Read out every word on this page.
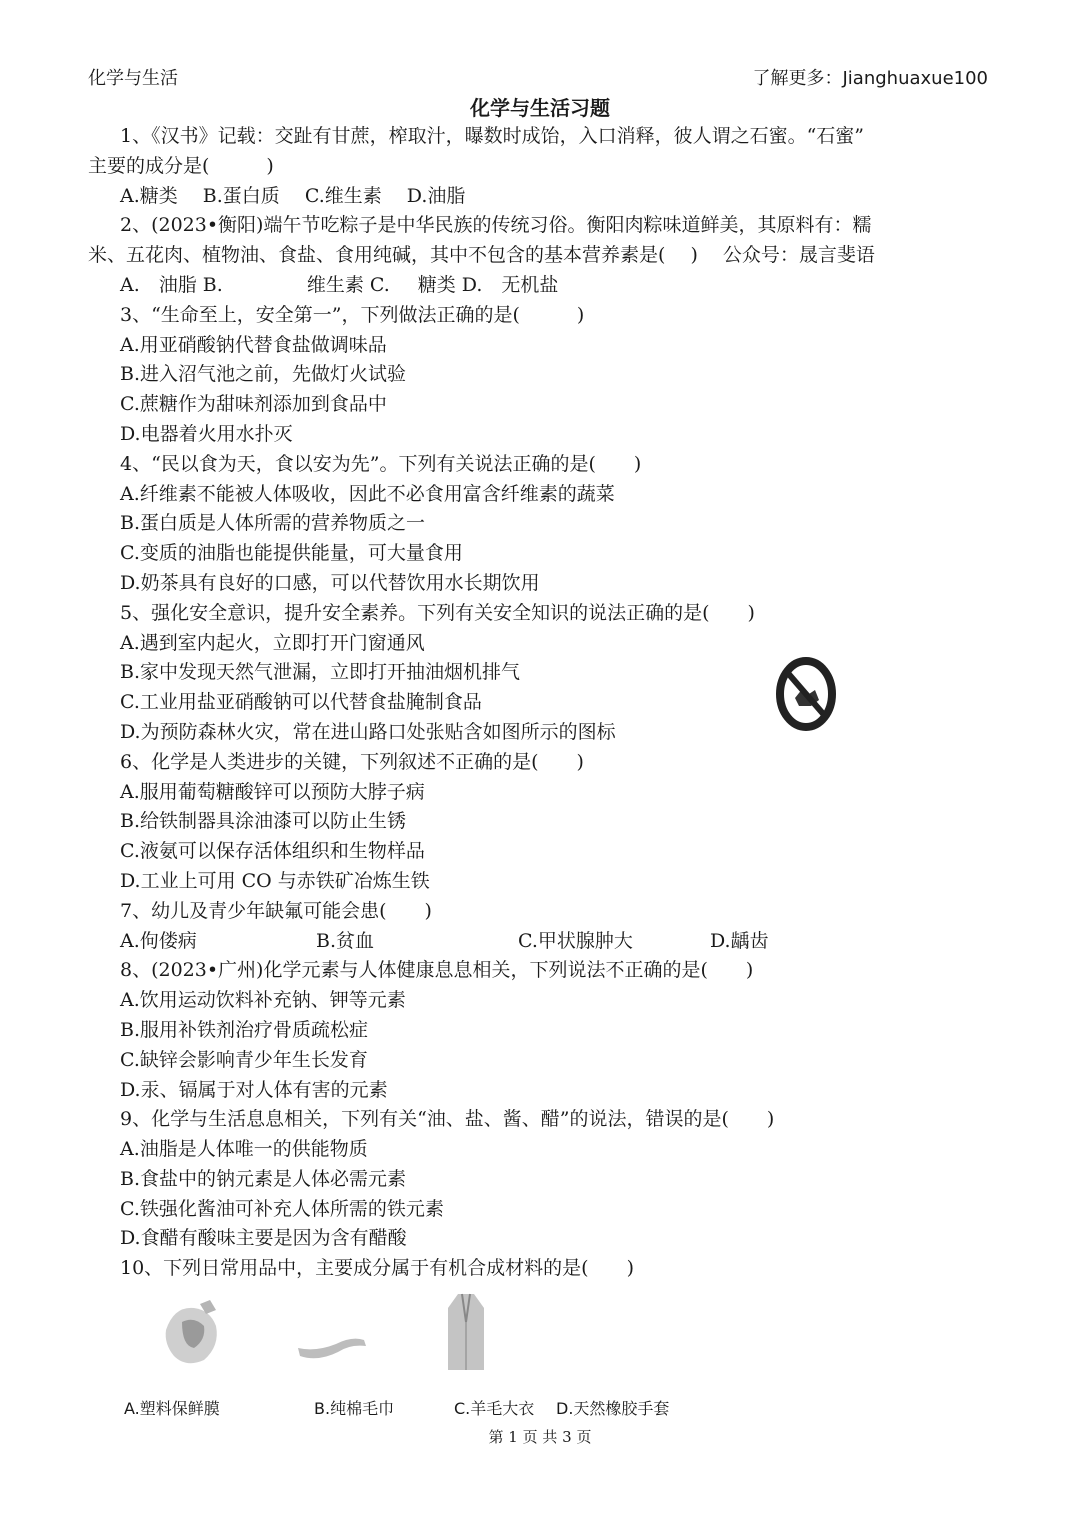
化学与生活	了解更多：Jianghuaxue100
化学与生活习题
1、《汉书》记载：交趾有甘蔗，榨取汁，曝数时成饴，入口消释，彼人谓之石蜜。“石蜜”
主要的成分是(　　　)
A.糖类　 B.蛋白质　 C.维生素　 D.油脂
2、(2023•衡阳)端午节吃粽子是中华民族的传统习俗。衡阳肉粽味道鲜美，其原料有：糯
米、五花肉、植物油、食盐、食用纯碱，其中不包含的基本营养素是(　 )　 公众号：晟言斐语
A.　油脂 B.	维生素 C. 糖类 D.　无机盐
3、“生命至上，安全第一”，下列做法正确的是(　　　)
A.用亚硝酸钠代替食盐做调味品
B.进入沼气池之前，先做灯火试验
C.蔗糖作为甜味剂添加到食品中
D.电器着火用水扑灭
4、“民以食为天，食以安为先”。下列有关说法正确的是(　　)
A.纤维素不能被人体吸收，因此不必食用富含纤维素的蔬菜
B.蛋白质是人体所需的营养物质之一
C.变质的油脂也能提供能量，可大量食用
D.奶茶具有良好的口感，可以代替饮用水长期饮用
5、强化安全意识，提升安全素养。下列有关安全知识的说法正确的是(　　)
A.遇到室内起火，立即打开门窗通风
B.家中发现天然气泄漏，立即打开抽油烟机排气
C.工业用盐亚硝酸钠可以代替食盐腌制食品
D.为预防森林火灾，常在进山路口处张贴含如图所示的图标
6、化学是人类进步的关键，下列叙述不正确的是(　　)
A.服用葡萄糖酸锌可以预防大脖子病
B.给铁制器具涂油漆可以防止生锈
C.液氨可以保存活体组织和生物样品
D.工业上可用 CO 与赤铁矿冶炼生铁
7、幼儿及青少年缺氟可能会患(　　)
A.佝偻病	B.贫血	C.甲状腺肿大	D.龋齿
8、(2023•广州)化学元素与人体健康息息相关，下列说法不正确的是(　　)
A.饮用运动饮料补充钠、钾等元素
B.服用补铁剂治疗骨质疏松症
C.缺锌会影响青少年生长发育
D.汞、镉属于对人体有害的元素
9、化学与生活息息相关，下列有关“油、盐、酱、醋”的说法，错误的是(　　)
A.油脂是人体唯一的供能物质
B.食盐中的钠元素是人体必需元素
C.铁强化酱油可补充人体所需的铁元素
D.食醋有酸味主要是因为含有醋酸
10、下列日常用品中，主要成分属于有机合成材料的是(　　)
A.塑料保鲜膜	B.纯棉毛巾	C.羊毛大衣 D.天然橡胶手套
第 1 页 共 3 页
